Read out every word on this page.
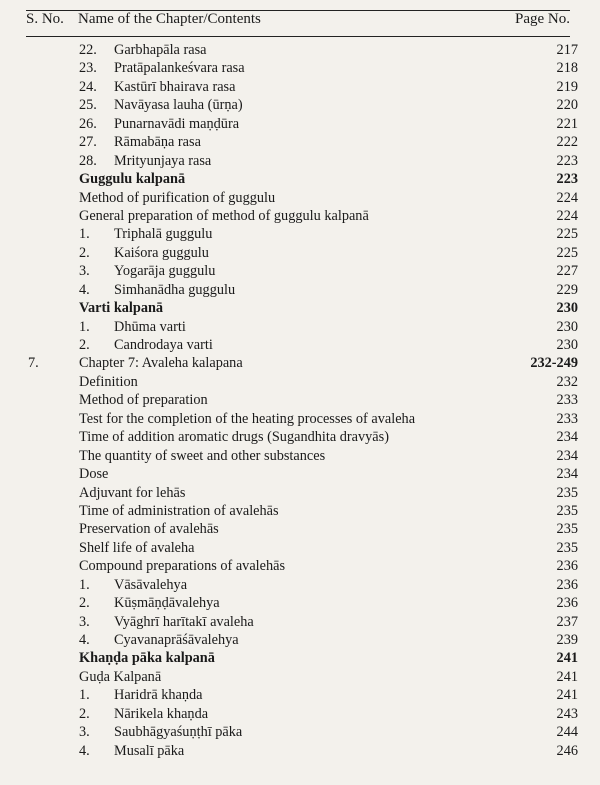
S. No. Name of the Chapter/Contents	Page No.
22. Garbhapāla rasa	217
23. Pratāpalankeśvara rasa	218
24. Kastūrī bhairava rasa	219
25. Navāyasa lauha (ūrṇa)	220
26. Punarnavādi maṇḍūra	221
27. Rāmabāṇa rasa	222
28. Mrityunjaya rasa	223
Guggulu kalpanā	223
Method of purification of guggulu	224
General preparation of method of guggulu kalpanā	224
1. Triphalā guggulu	225
2. Kaiśora guggulu	225
3. Yogarāja guggulu	227
4. Simhanādha guggulu	229
Varti kalpanā	230
1. Dhūma varti	230
2. Candrodaya varti	230
7.	Chapter 7: Avaleha kalapana	232-249
Definition	232
Method of preparation	233
Test for the completion of the heating processes of avaleha	233
Time of addition aromatic drugs (Sugandhita dravyās)	234
The quantity of sweet and other substances	234
Dose	234
Adjuvant for lehās	235
Time of administration of avalehās	235
Preservation of avalehās	235
Shelf life of avaleha	235
Compound preparations of avalehās	236
1. Vāsāvalehya	236
2. Kūṣmāṇḍāvalehya	236
3. Vyāghrī harītakī avaleha	237
4. Cyavanaprāśāvalehya	239
Khaṇḍa pāka kalpanā	241
Guḍa Kalpanā	241
1. Haridrā khaṇda	241
2. Nārikela khaṇda	243
3. Saubhāgyaśuṇṭhī pāka	244
4. Musalī pāka	246
